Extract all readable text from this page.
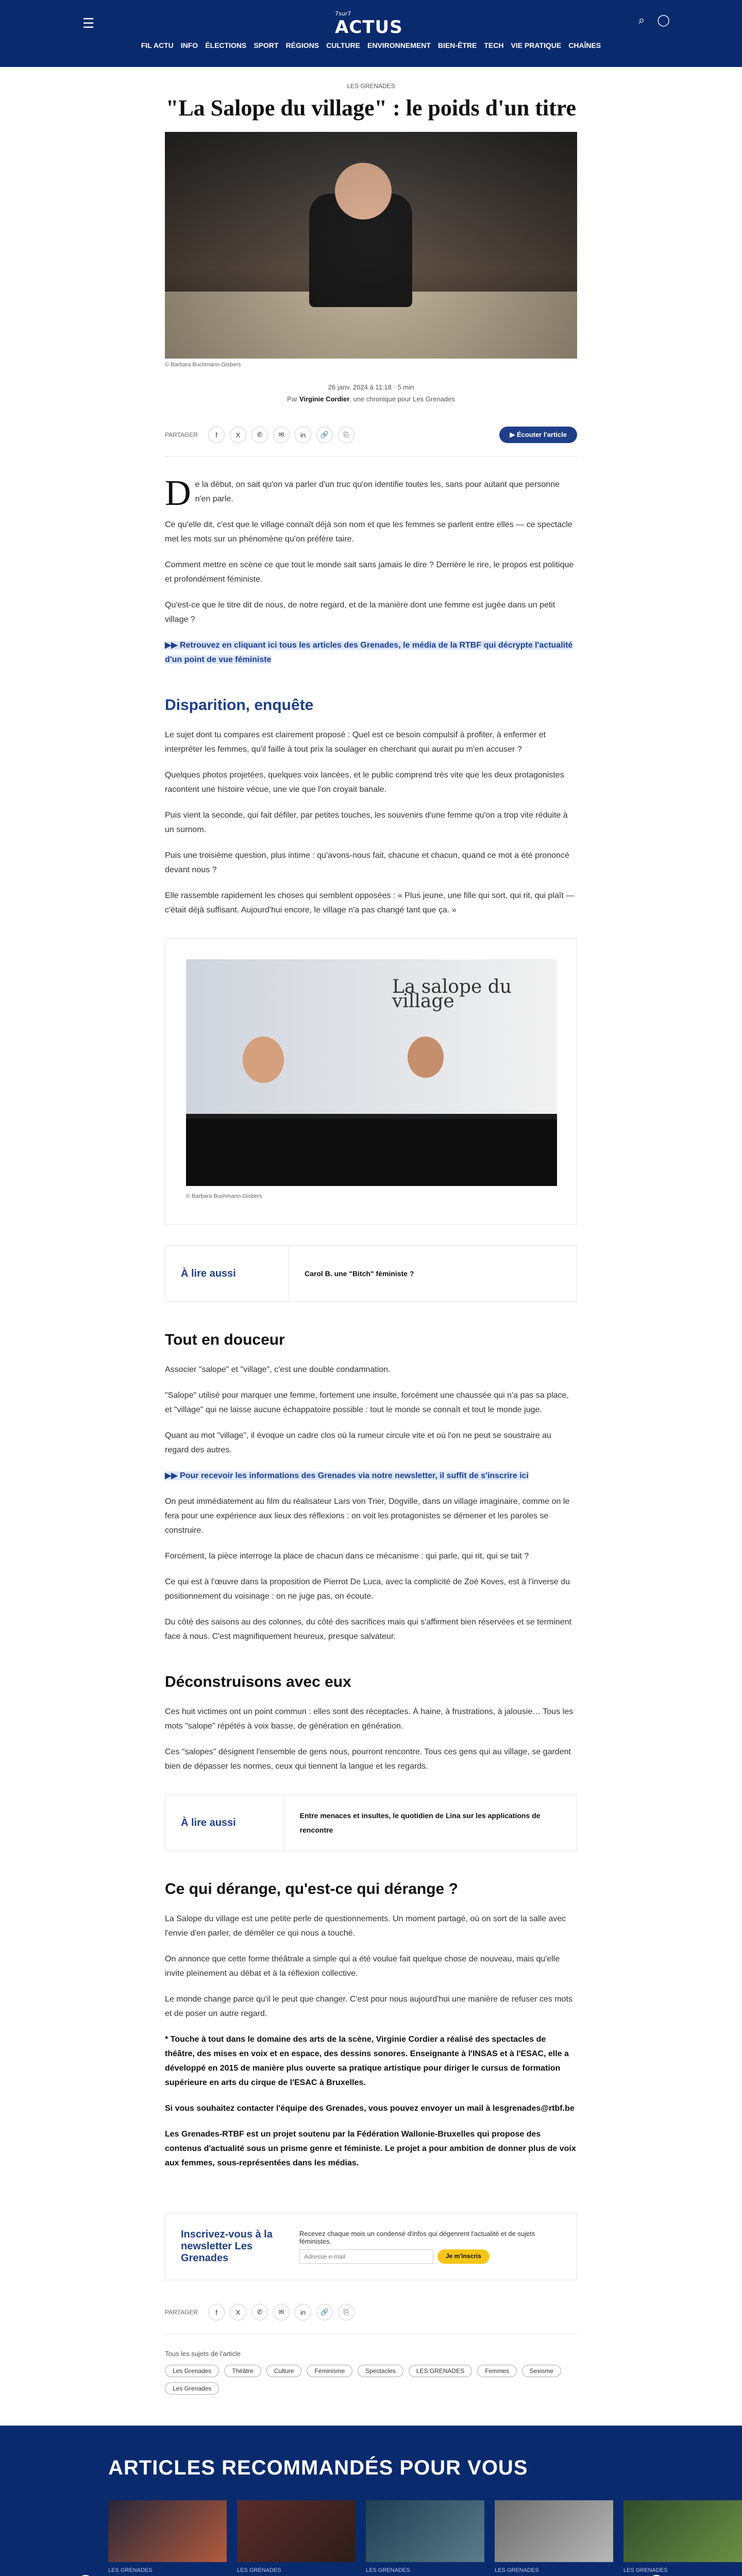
☰
7sur7
ACTUS	⌕ ◯
FIL ACTU INFO ÉLECTIONS SPORT RÉGIONS CULTURE ENVIRONNEMENT BIEN-ÊTRE TECH VIE PRATIQUE CHAÎNES
LES GRENADES
"La Salope du village" : le poids d'un titre
© Barbara Buchmann-Gisbers
26 janv. 2024 à 11:18 · 5 min
Par Virginie Cordier, une chronique pour Les Grenades
PARTAGER	f	X	✆	✉	in	🔗	⎘	▶ Écouter l'article

De la début, on sait qu'on va parler d'un truc qu'on identifie toutes les, sans pour autant que personne n'en parle.

Ce qu'elle dit, c'est que le village connaît déjà son nom et que les femmes se parlent entre elles — ce spectacle met les mots sur un phénomène qu'on préfère taire.

Comment mettre en scène ce que tout le monde sait sans jamais le dire ? Derrière le rire, le propos est politique et profondément féministe.

Qu'est-ce que le titre dit de nous, de notre regard, et de la manière dont une femme est jugée dans un petit village ?

▶▶ Retrouvez en cliquant ici tous les articles des Grenades, le média de la RTBF qui décrypte l'actualité d'un point de vue féministe

Disparition, enquête

Le sujet dont tu compares est clairement proposé : Quel est ce besoin compulsif à profiter, à enfermer et interpréter les femmes, qu'il faille à tout prix la soulager en cherchant qui aurait pu m'en accuser ?

Quelques photos projetées, quelques voix lancées, et le public comprend très vite que les deux protagonistes racontent une histoire vécue, une vie que l'on croyait banale.

Puis vient la seconde, qui fait défiler, par petites touches, les souvenirs d'une femme qu'on a trop vite réduite à un surnom.

Puis une troisième question, plus intime : qu'avons-nous fait, chacune et chacun, quand ce mot a été prononcé devant nous ?

Elle rassemble rapidement les choses qui semblent opposées : « Plus jeune, une fille qui sort, qui rit, qui plaît — c'était déjà suffisant. Aujourd'hui encore, le village n'a pas changé tant que ça. »

La salope du village
© Barbara Buchmann-Gisbers
À lire aussi	Carol B. une "Bitch" féministe ?
Tout en douceur

Associer "salope" et "village", c'est une double condamnation.

"Salope" utilisé pour marquer une femme, fortement une insulte, forcément une chaussée qui n'a pas sa place, et "village" qui ne laisse aucune échappatoire possible : tout le monde se connaît et tout le monde juge.

Quant au mot "village", il évoque un cadre clos où la rumeur circule vite et où l'on ne peut se soustraire au regard des autres.

▶▶ Pour recevoir les informations des Grenades via notre newsletter, il suffit de s'inscrire ici

On peut immédiatement au film du réalisateur Lars von Trier, Dogville, dans un village imaginaire, comme on le fera pour une expérience aux lieux des réflexions : on voit les protagonistes se démener et les paroles se construire.

Forcément, la pièce interroge la place de chacun dans ce mécanisme : qui parle, qui rit, qui se tait ?

Ce qui est à l'œuvre dans la proposition de Pierrot De Luca, avec la complicité de Zoé Koves, est à l'inverse du positionnement du voisinage : on ne juge pas, on écoute.

Du côté des saisons au des colonnes, du côté des sacrifices mais qui s'affirment bien réservées et se terminent face à nous. C'est magnifiquement heureux, presque salvateur.

Déconstruisons avec eux

Ces huit victimes ont un point commun : elles sont des réceptacles. À haine, à frustrations, à jalousie… Tous les mots "salope" répétés à voix basse, de génération en génération.

Ces "salopes" désignent l'ensemble de gens nous, pourront rencontre. Tous ces gens qui au village, se gardent bien de dépasser les normes, ceux qui tiennent la langue et les regards.

À lire aussi
Entre menaces et insultes, le quotidien de Lina sur les applications de rencontre
Ce qui dérange, qu'est-ce qui dérange ?

La Salope du village est une petite perle de questionnements. Un moment partagé, où on sort de la salle avec l'envie d'en parler, de démêler ce qui nous a touché.

On annonce que cette forme théâtrale a simple qui a été voulue fait quelque chose de nouveau, mais qu'elle invite pleinement au débat et à la réflexion collective.

Le monde change parce qu'il le peut que changer. C'est pour nous aujourd'hui une manière de refuser ces mots et de poser un autre regard.

* Touche à tout dans le domaine des arts de la scène, Virginie Cordier a réalisé des spectacles de théâtre, des mises en voix et en espace, des dessins sonores. Enseignante à l'INSAS et à l'ESAC, elle a développé en 2015 de manière plus ouverte sa pratique artistique pour diriger le cursus de formation supérieure en arts du cirque de l'ESAC à Bruxelles.

Si vous souhaitez contacter l'équipe des Grenades, vous pouvez envoyer un mail à lesgrenades@rtbf.be

Les Grenades-RTBF est un projet soutenu par la Fédération Wallonie-Bruxelles qui propose des contenus d'actualité sous un prisme genre et féministe. Le projet a pour ambition de donner plus de voix aux femmes, sous-représentées dans les médias.

Inscrivez-vous à la newsletter Les Grenades
Recevez chaque mois un condensé d'infos qui dégenrent l'actualité et de sujets féministes.
Adresse e-mail	Je m'inscris
PARTAGER	f	X	✆	✉	in	🔗	⎘
Tous les sujets de l'article
Les Grenades	Théâtre	Culture	Féminisme	Spectacles	LES GRENADES	Femmes	Sexisme
Les Grenades
ARTICLES RECOMMANDÉS POUR VOUS
LES GRENADES	LES GRENADES	LES GRENADES	LES GRENADES	LES GRENADES
